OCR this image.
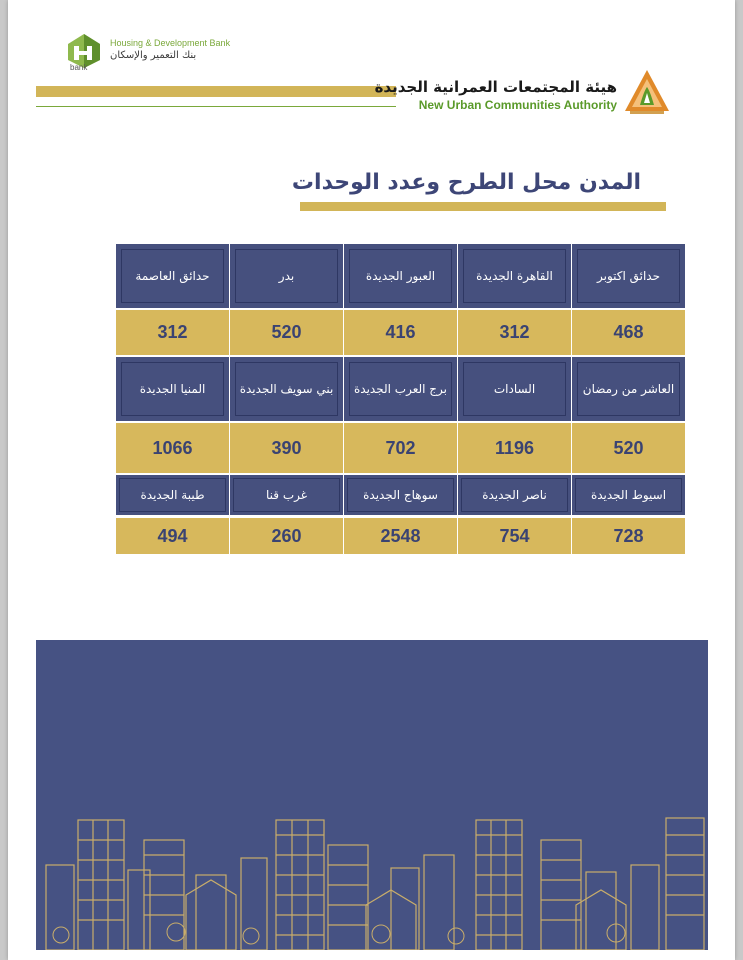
Housing & Development Bank
بنك التعمير والإسكان
bank
هيئة المجتمعات العمرانية الجديدة
New Urban Communities Authority
المدن محل الطرح وعدد الوحدات
حدائق اكتوبر
القاهرة الجديدة
العبور الجديدة
بدر
حدائق العاصمة
468
312
416
520
312
العاشر من رمضان
السادات
برج العرب الجديدة
بني سويف الجديدة
المنيا الجديدة
520
1196
702
390
1066
اسيوط الجديدة
ناصر الجديدة
سوهاج الجديدة
غرب قنا
طيبة الجديدة
728
754
2548
260
494
